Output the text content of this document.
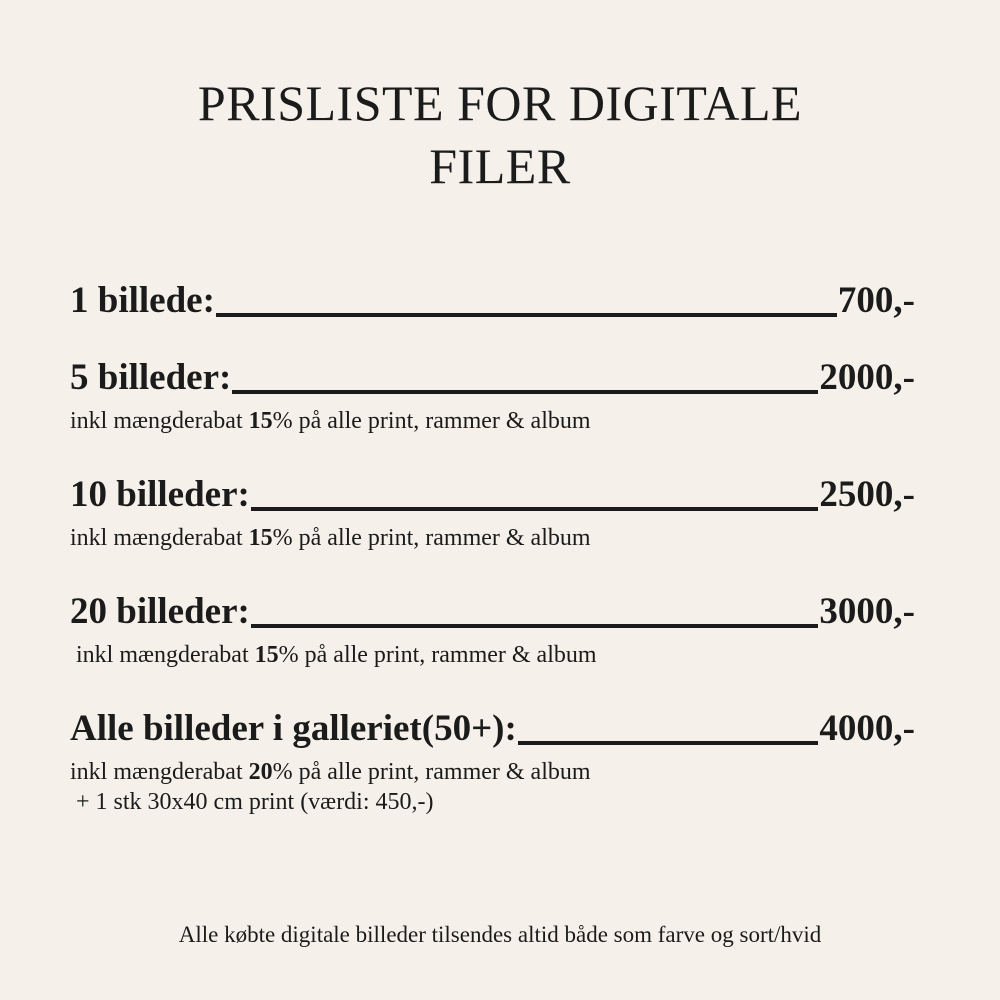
PRISLISTE FOR DIGITALE
FILER
1 billede:	700,-
5 billeder:	2000,-
inkl mængderabat 15% på alle print, rammer & album
10 billeder:	2500,-
inkl mængderabat 15% på alle print, rammer & album
20 billeder:	3000,-
inkl mængderabat 15% på alle print, rammer & album
Alle billeder i galleriet(50+):	4000,-
inkl mængderabat 20% på alle print, rammer & album
+ 1 stk 30x40 cm print (værdi: 450,-)
Alle købte digitale billeder tilsendes altid både som farve og sort/hvid
